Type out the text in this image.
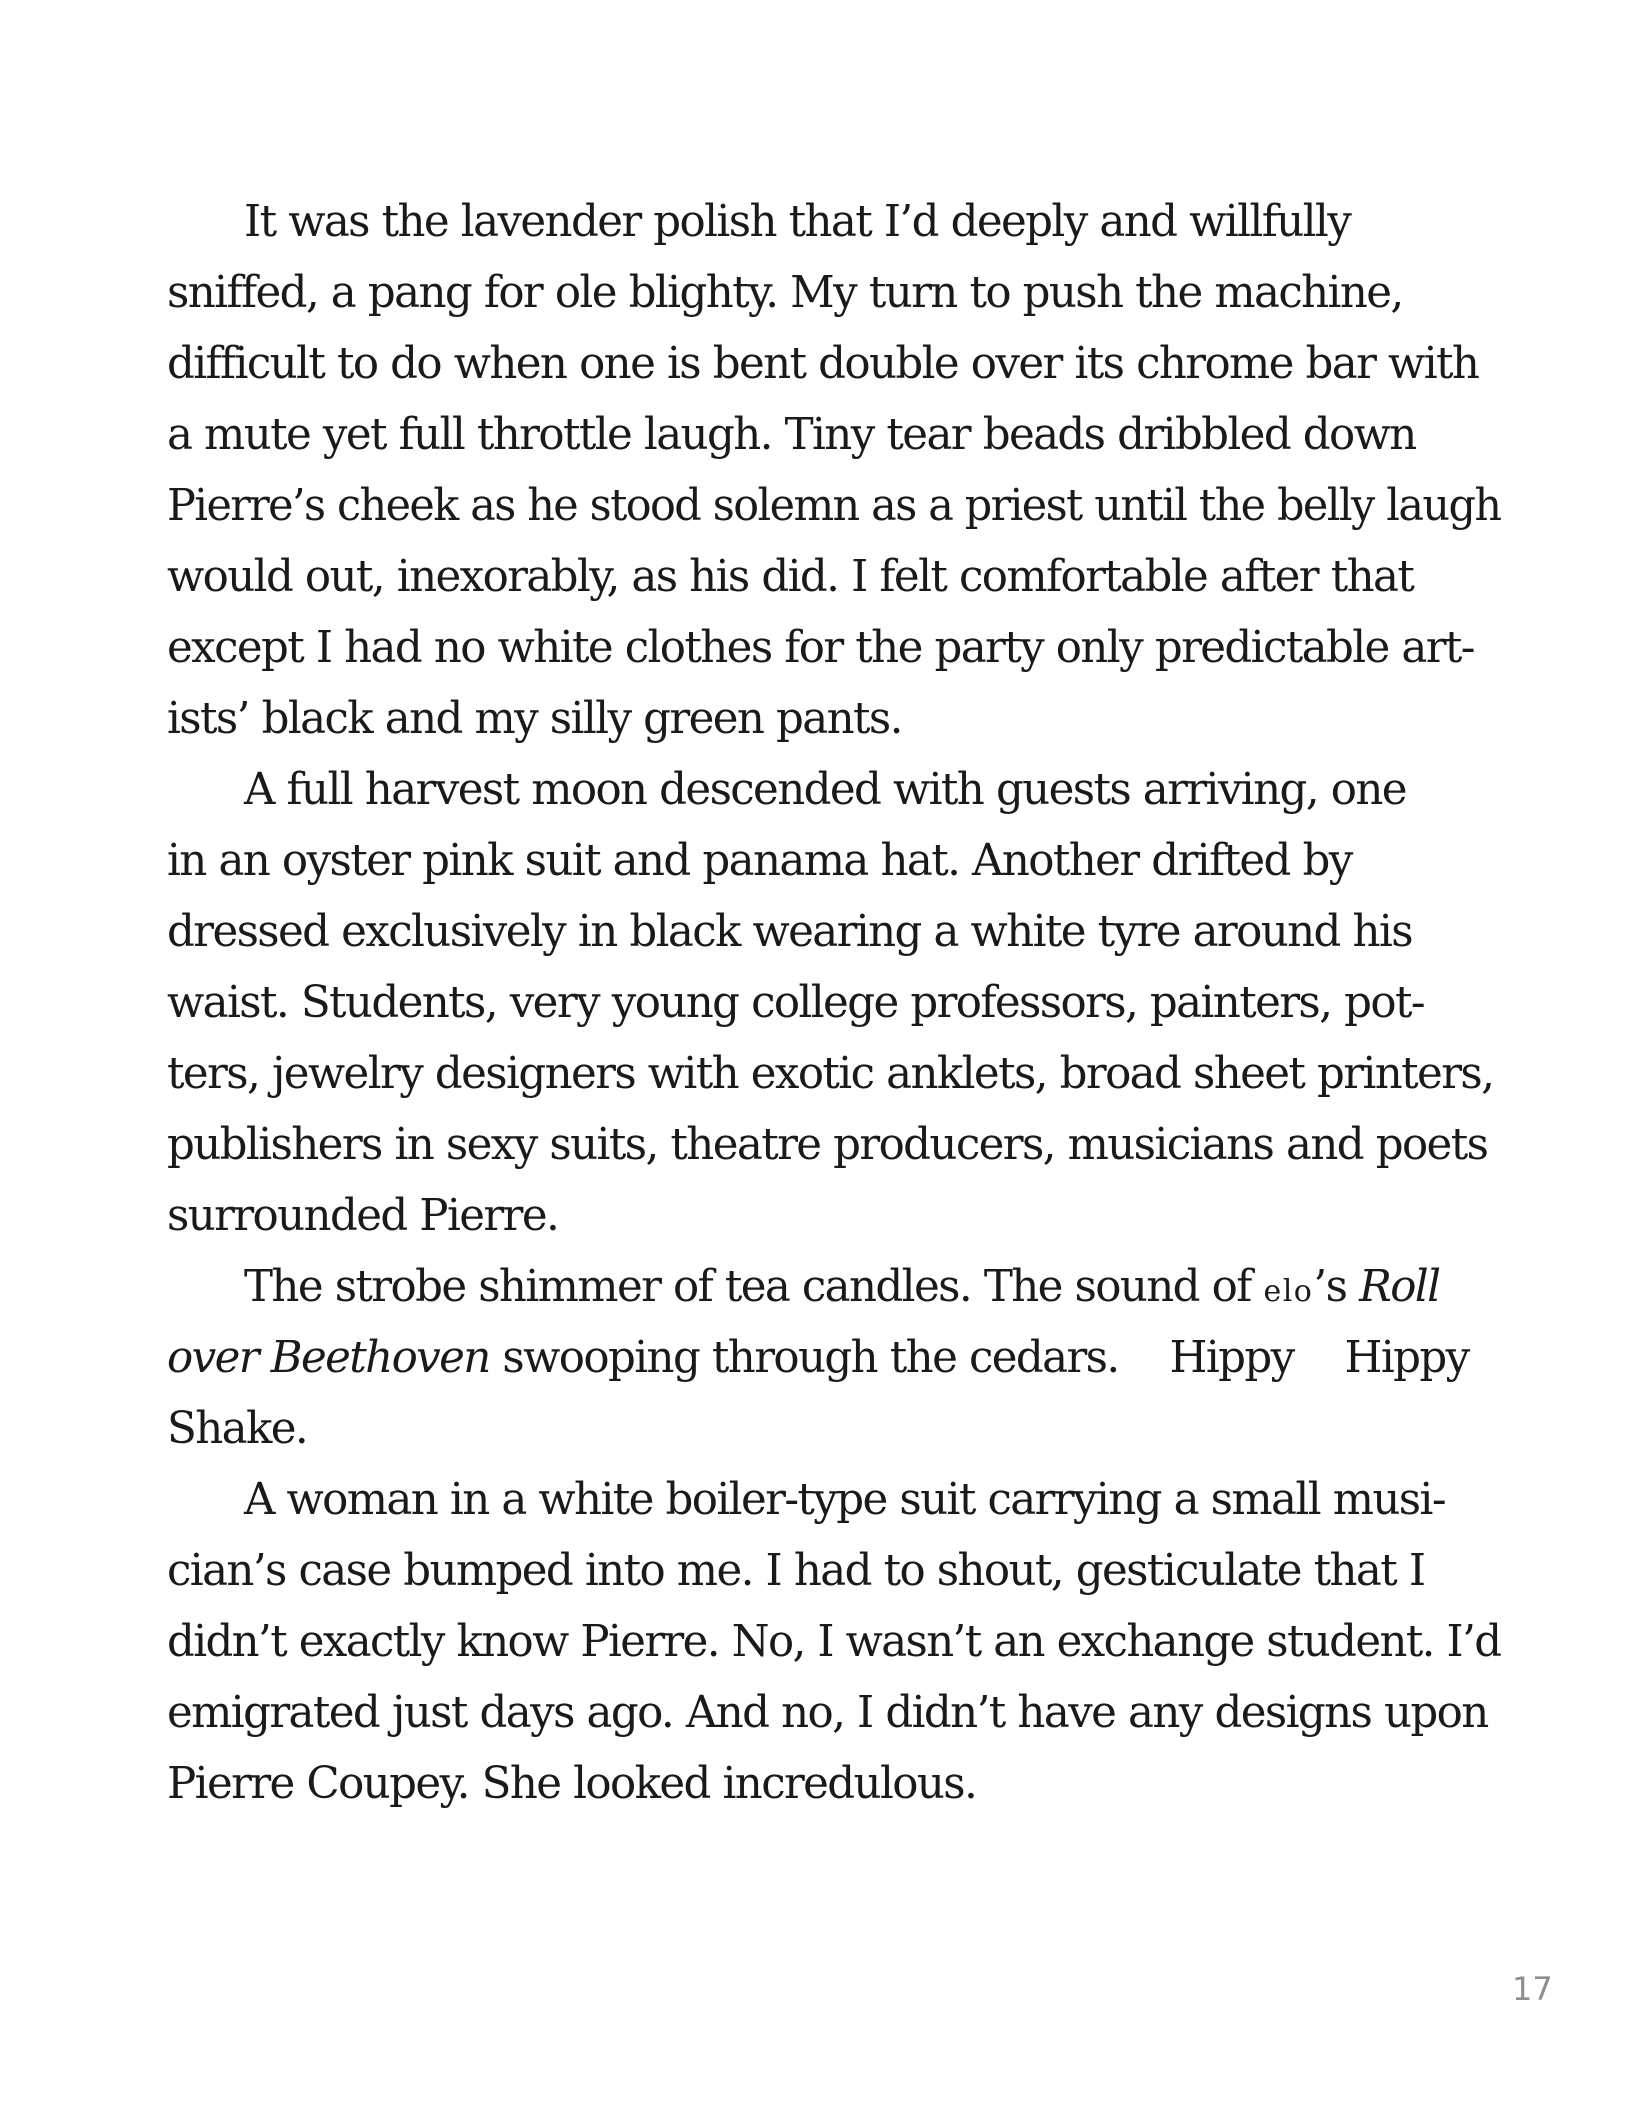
It was the lavender polish that I’d deeply and willfully
sniffed, a pang for ole blighty. My turn to push the machine,
difficult to do when one is bent double over its chrome bar with
a mute yet full throttle laugh. Tiny tear beads dribbled down
Pierre’s cheek as he stood solemn as a priest until the belly laugh
would out, inexorably, as his did. I felt comfortable after that
except I had no white clothes for the party only predictable art-
ists’ black and my silly green pants.
A full harvest moon descended with guests arriving, one
in an oyster pink suit and panama hat. Another drifted by
dressed exclusively in black wearing a white tyre around his
waist. Students, very young college professors, painters, pot-
ters, jewelry designers with exotic anklets, broad sheet printers,
publishers in sexy suits, theatre producers, musicians and poets
surrounded Pierre.
The strobe shimmer of tea candles. The sound of elo’s Roll
over Beethoven swooping through the cedars.    Hippy    Hippy
Shake.
A woman in a white boiler-type suit carrying a small musi-
cian’s case bumped into me. I had to shout, gesticulate that I
didn’t exactly know Pierre. No, I wasn’t an exchange student. I’d
emigrated just days ago. And no, I didn’t have any designs upon
Pierre Coupey. She looked incredulous.
17
